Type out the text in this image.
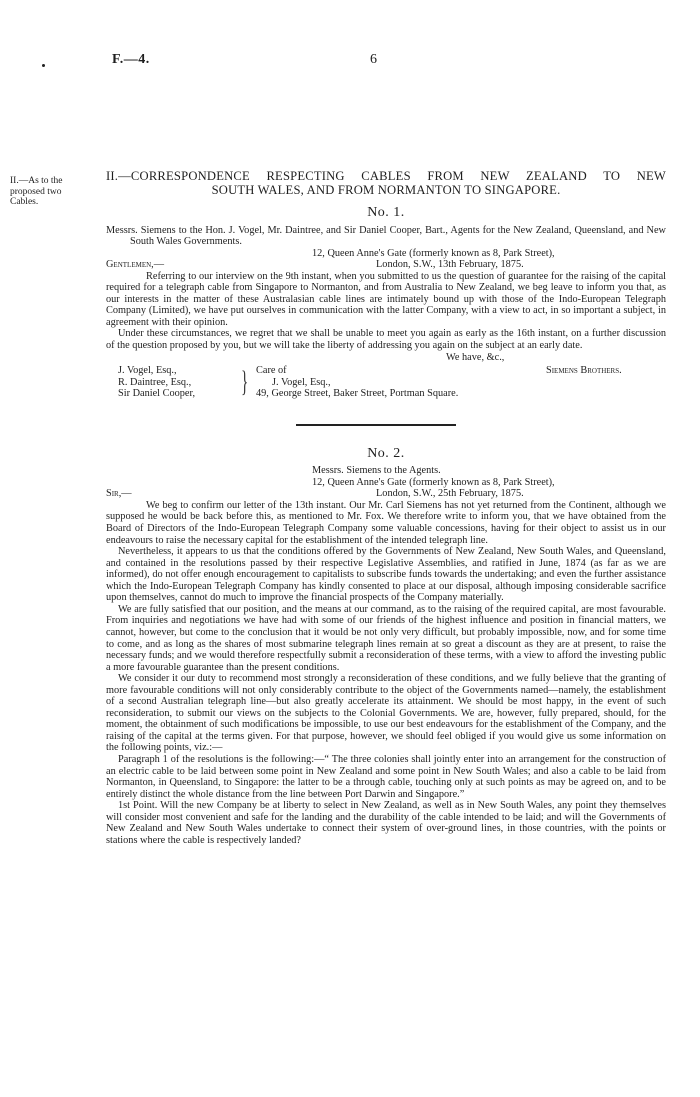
F.—4.	6
II.—As to the proposed two Cables.
II.—CORRESPONDENCE RESPECTING CABLES FROM NEW ZEALAND TO NEW
SOUTH WALES, AND FROM NORMANTON TO SINGAPORE.
No. 1.

Messrs. Siemens to the Hon. J. Vogel, Mr. Daintree, and Sir Daniel Cooper, Bart., Agents for the New Zealand, Queensland, and New South Wales Governments.

12, Queen Anne's Gate (formerly known as 8, Park Street),

Gentlemen,—	London, S.W., 13th February, 1875.

Referring to our interview on the 9th instant, when you submitted to us the question of guarantee for the raising of the capital required for a telegraph cable from Singapore to Normanton, and from Australia to New Zealand, we beg leave to inform you that, as our interests in the matter of these Australasian cable lines are intimately bound up with those of the Indo-European Telegraph Company (Limited), we have put ourselves in communication with the latter Company, with a view to act, in so important a subject, in agreement with their opinion.

Under these circumstances, we regret that we shall be unable to meet you again as early as the 16th instant, on a further discussion of the question proposed by you, but we will take the liberty of addressing you again on the subject at an early date.

We have, &c.,

J. Vogel, Esq.,
R. Daintree, Esq.,
Sir Daniel Cooper,	} Care of
J. Vogel, Esq.,
49, George Street, Baker Street, Portman Square.
Siemens Brothers.
No. 2.

Messrs. Siemens to the Agents.

12, Queen Anne's Gate (formerly known as 8, Park Street),

Sir,—	London, S.W., 25th February, 1875.

We beg to confirm our letter of the 13th instant. Our Mr. Carl Siemens has not yet returned from the Continent, although we supposed he would be back before this, as mentioned to Mr. Fox. We therefore write to inform you, that we have obtained from the Board of Directors of the Indo-European Telegraph Company some valuable concessions, having for their object to assist us in our endeavours to raise the necessary capital for the establishment of the intended telegraph line.

Nevertheless, it appears to us that the conditions offered by the Governments of New Zealand, New South Wales, and Queensland, and contained in the resolutions passed by their respective Legislative Assemblies, and ratified in June, 1874 (as far as we are informed), do not offer enough encouragement to capitalists to subscribe funds towards the undertaking; and even the further assistance which the Indo-European Telegraph Company has kindly consented to place at our disposal, although imposing considerable sacrifice upon themselves, cannot do much to improve the financial prospects of the Company materially.

We are fully satisfied that our position, and the means at our command, as to the raising of the required capital, are most favourable. From inquiries and negotiations we have had with some of our friends of the highest influence and position in financial matters, we cannot, however, but come to the conclusion that it would be not only very difficult, but probably impossible, now, and for some time to come, and as long as the shares of most submarine telegraph lines remain at so great a discount as they are at present, to raise the necessary funds; and we would therefore respectfully submit a reconsideration of these terms, with a view to afford the investing public a more favourable guarantee than the present conditions.

We consider it our duty to recommend most strongly a reconsideration of these conditions, and we fully believe that the granting of more favourable conditions will not only considerably contribute to the object of the Governments named—namely, the establishment of a second Australian telegraph line—but also greatly accelerate its attainment. We should be most happy, in the event of such reconsideration, to submit our views on the subjects to the Colonial Governments. We are, however, fully prepared, should, for the moment, the obtainment of such modifications be impossible, to use our best endeavours for the establishment of the Company, and the raising of the capital at the terms given. For that purpose, however, we should feel obliged if you would give us some information on the following points, viz.:—

Paragraph 1 of the resolutions is the following:—“ The three colonies shall jointly enter into an arrangement for the construction of an electric cable to be laid between some point in New Zealand and some point in New South Wales; and also a cable to be laid from Normanton, in Queensland, to Singapore: the latter to be a through cable, touching only at such points as may be agreed on, and to be entirely distinct the whole distance from the line between Port Darwin and Singapore.”

1st Point. Will the new Company be at liberty to select in New Zealand, as well as in New South Wales, any point they themselves will consider most convenient and safe for the landing and the durability of the cable intended to be laid; and will the Governments of New Zealand and New South Wales undertake to connect their system of over-ground lines, in those countries, with the points or stations where the cable is respectively landed?
